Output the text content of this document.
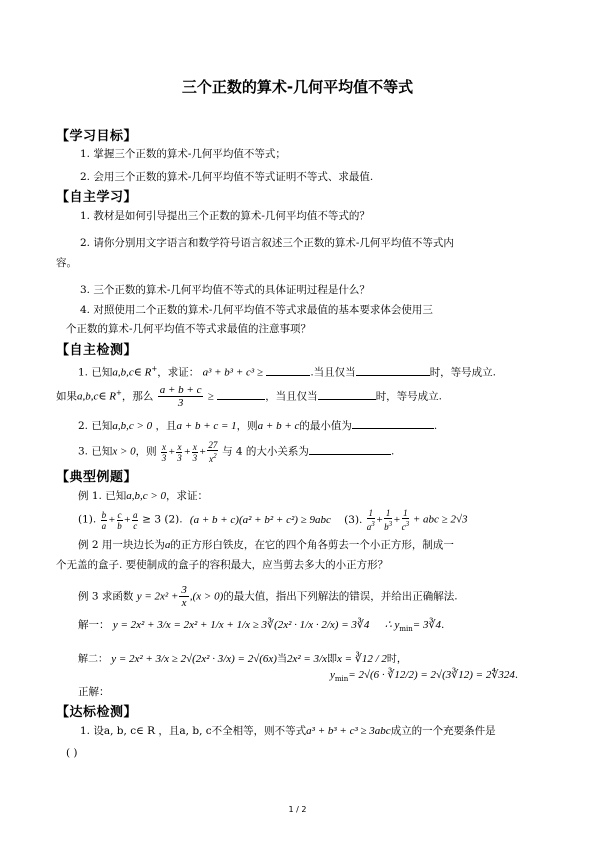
三个正数的算术-几何平均值不等式
【学习目标】
1. 掌握三个正数的算术-几何平均值不等式；
2. 会用三个正数的算术-几何平均值不等式证明不等式、求最值.
【自主学习】
1. 教材是如何引导提出三个正数的算术-几何平均值不等式的？
2. 请你分别用文字语言和数学符号语言叙述三个正数的算术-几何平均值不等式内
容。
3. 三个正数的算术-几何平均值不等式的具体证明过程是什么？
4. 对照使用二个正数的算术-几何平均值不等式求最值的基本要求体会使用三
个正数的算术-几何平均值不等式求最值的注意事项？
【自主检测】
1. 已知a,b,c∈ R+，求证： a³ + b³ + c³ ≥	.当且仅当	时，等号成立.
如果a,b,c∈ R+，那么 $\frac{a + b + c}{3}$ ≥	，当且仅当	时，等号成立.
2. 已知a,b,c > 0 ，且a + b + c = 1，则a + b + c的最小值为	.
3. 已知x > 0，则 $\frac{x}{3} + \frac{x}{3} + \frac{x}{3} + \frac{27}{x^2}$ 与 4 的大小关系为	.
【典型例题】
例 1. 已知a,b,c > 0，求证：
(1). $\frac{b}{a} + \frac{c}{b} + \frac{a}{c} \ge 3$ (2). (a + b + c)(a² + b² + c²) ≥ 9abc (3). $\frac{1}{a^3} + \frac{1}{b^3} + \frac{1}{c^3}$ + abc ≥ 2√3
例 2 用一块边长为a的正方形白铁皮，在它的四个角各剪去一个小正方形，制成一
个无盖的盒子. 要使制成的盒子的容积最大，应当剪去多大的小正方形？
例 3 求函数 $y = 2x^2 + \frac{3}{x} ,(x > 0)$的最大值，指出下列解法的错误，并给出正确解法.
解一： y = 2x² + 3/x = 2x² + 1/x + 1/x ≥ 3∛(2x² · 1/x · 2/x) = 3∛4 ∴ $y_{min}=$ 3∛4.
解二： y = 2x² + 3/x ≥ 2√(2x² · 3/x) = 2√(6x)当2x² = 3/x即x = ∛12 / 2时，
$y_{min}= 2√(6$ · ∛12/2) = 2√(3∛12) = 2∜324.
正解：
【达标检测】
1. 设a, b, c∈ R ，且a, b, c不全相等，则不等式a³ + b³ + c³ ≥ 3abc成立的一个充要条件是
( )
1 / 2
